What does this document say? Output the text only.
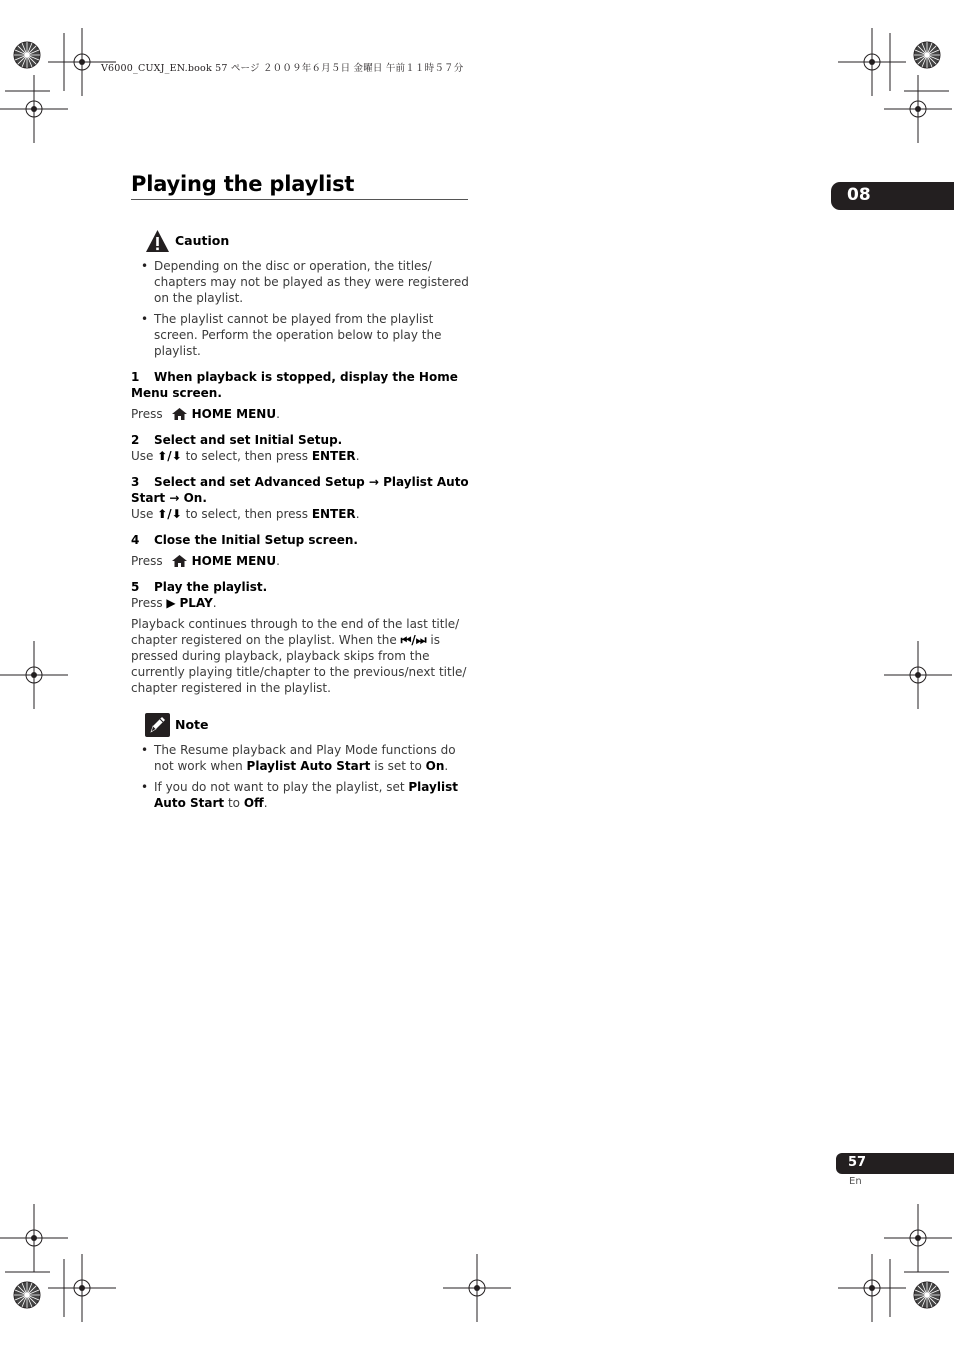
V6000_CUXJ_EN.book 57 ページ ２００９年６月５日 金曜日 午前１１時５７分
Playing the playlist	08
Caution
• Depending on the disc or operation, the titles/ chapters may not be played as they were registered on the playlist.
• The playlist cannot be played from the playlist screen. Perform the operation below to play the playlist.

1 When playback is stopped, display the Home Menu screen.

Press HOME MENU.

2 Select and set Initial Setup.

Use ⬆/⬇ to select, then press ENTER.

3 Select and set Advanced Setup → Playlist Auto Start → On.

Use ⬆/⬇ to select, then press ENTER.

4 Close the Initial Setup screen.

Press HOME MENU.

5 Play the playlist.

Press ▶ PLAY.

Playback continues through to the end of the last title/ chapter registered on the playlist. When the ⏮/⏭ is pressed during playback, playback skips from the currently playing title/chapter to the previous/next title/ chapter registered in the playlist.

Note
• The Resume playback and Play Mode functions do not work when Playlist Auto Start is set to On.
• If you do not want to play the playlist, set Playlist Auto Start to Off.
57
En
